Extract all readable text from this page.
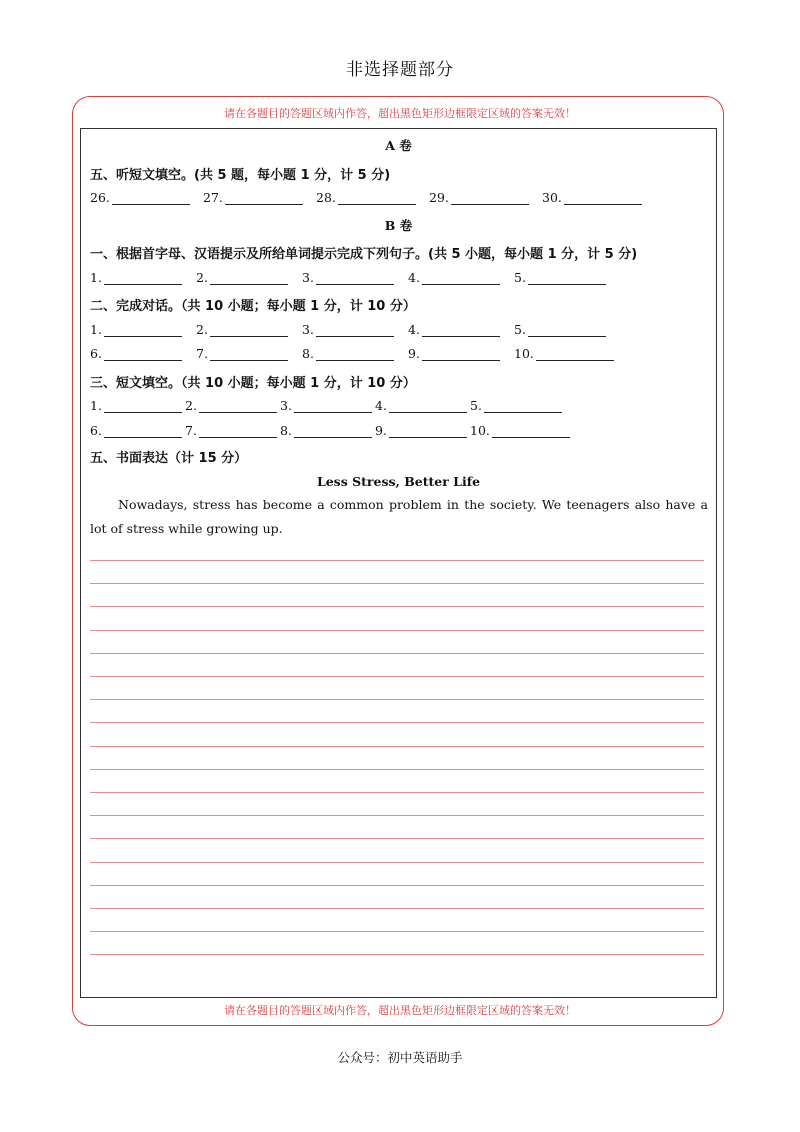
非选择题部分
请在各题目的答题区域内作答，超出黑色矩形边框限定区域的答案无效！
A 卷
五、听短文填空。(共 5 题，每小题 1 分，计 5 分)
26.	27.	28.	29.	30.
B 卷
一、根据首字母、汉语提示及所给单词提示完成下列句子。(共 5 小题，每小题 1 分，计 5 分)
1.	2.	3.	4.	5.
二、完成对话。（共 10 小题；每小题 1 分，计 10 分）
1.	2.	3.	4.	5.
6.	7.	8.	9.	10.
三、短文填空。（共 10 小题；每小题 1 分，计 10 分）
1.	2.	3.	4.	5.
6.	7.	8.	9.	10.
五、书面表达（计 15 分）
Less Stress, Better Life
Nowadays, stress has become a common problem in the society. We teenagers also have a lot of stress while growing up.
请在各题目的答题区域内作答，超出黑色矩形边框限定区域的答案无效！
公众号：初中英语助手
